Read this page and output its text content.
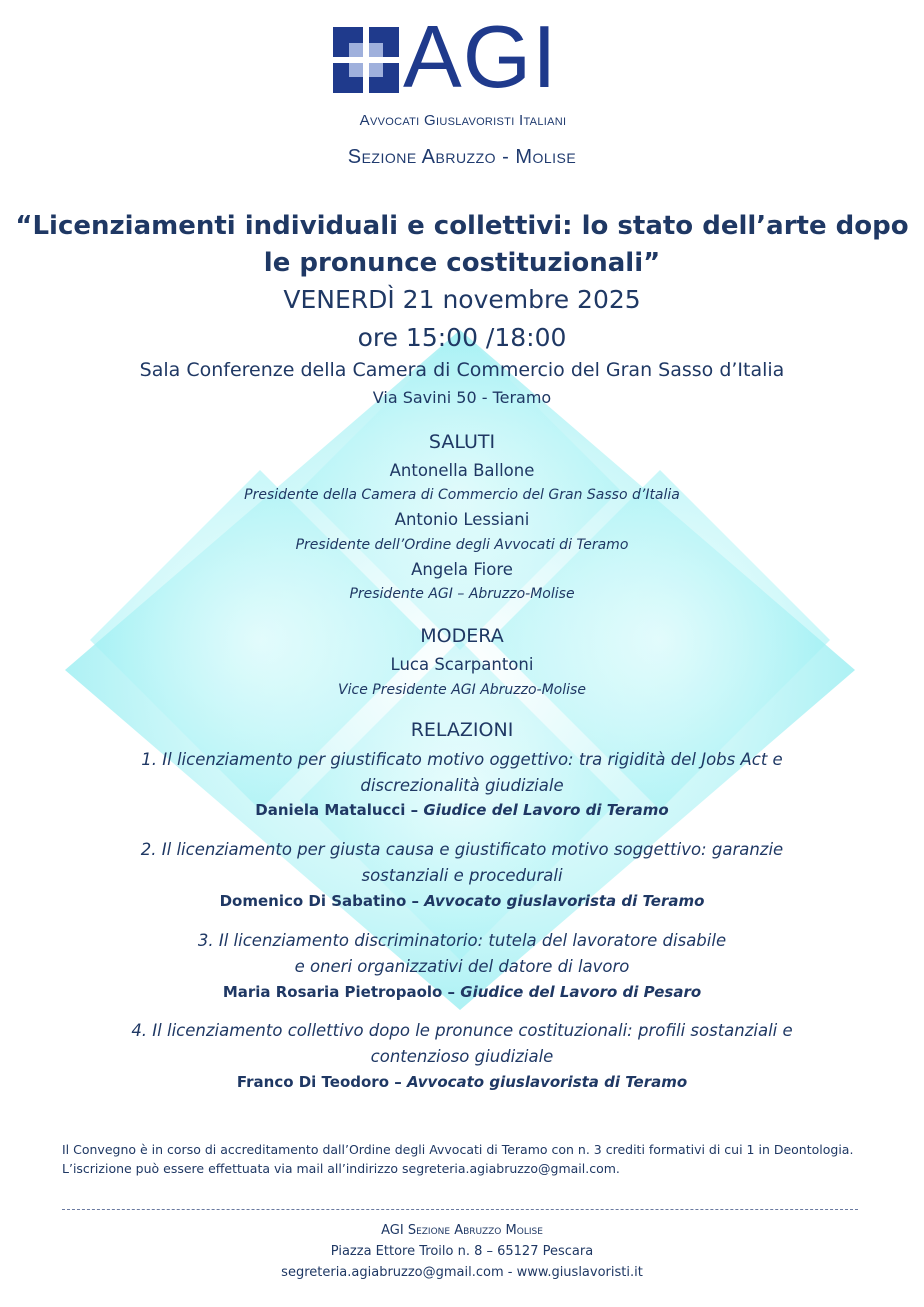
AGI
Avvocati Giuslavoristi Italiani
Sezione Abruzzo - Molise
“Licenziamenti individuali e collettivi: lo stato dell’arte dopo
le pronunce costituzionali”
VENERDÌ 21 novembre 2025
ore 15:00 /18:00
Sala Conferenze della Camera di Commercio del Gran Sasso d’Italia
Via Savini 50 - Teramo
SALUTI
Antonella Ballone
Presidente della Camera di Commercio del Gran Sasso d’Italia
Antonio Lessiani
Presidente dell’Ordine degli Avvocati di Teramo
Angela Fiore
Presidente AGI – Abruzzo-Molise
MODERA
Luca Scarpantoni
Vice Presidente AGI Abruzzo-Molise
RELAZIONI
1. Il licenziamento per giustificato motivo oggettivo: tra rigidità del Jobs Act e
discrezionalità giudiziale
Daniela Matalucci – Giudice del Lavoro di Teramo
2. Il licenziamento per giusta causa e giustificato motivo soggettivo: garanzie
sostanziali e procedurali
Domenico Di Sabatino – Avvocato giuslavorista di Teramo
3. Il licenziamento discriminatorio: tutela del lavoratore disabile
e oneri organizzativi del datore di lavoro
Maria Rosaria Pietropaolo – Giudice del Lavoro di Pesaro
4. Il licenziamento collettivo dopo le pronunce costituzionali: profili sostanziali e
contenzioso giudiziale
Franco Di Teodoro – Avvocato giuslavorista di Teramo
Il Convegno è in corso di accreditamento dall’Ordine degli Avvocati di Teramo con n. 3 crediti formativi di cui 1 in Deontologia.
L’iscrizione può essere effettuata via mail all’indirizzo segreteria.agiabruzzo@gmail.com.
AGI Sezione Abruzzo Molise
Piazza Ettore Troilo n. 8 – 65127 Pescara
segreteria.agiabruzzo@gmail.com - www.giuslavoristi.it
